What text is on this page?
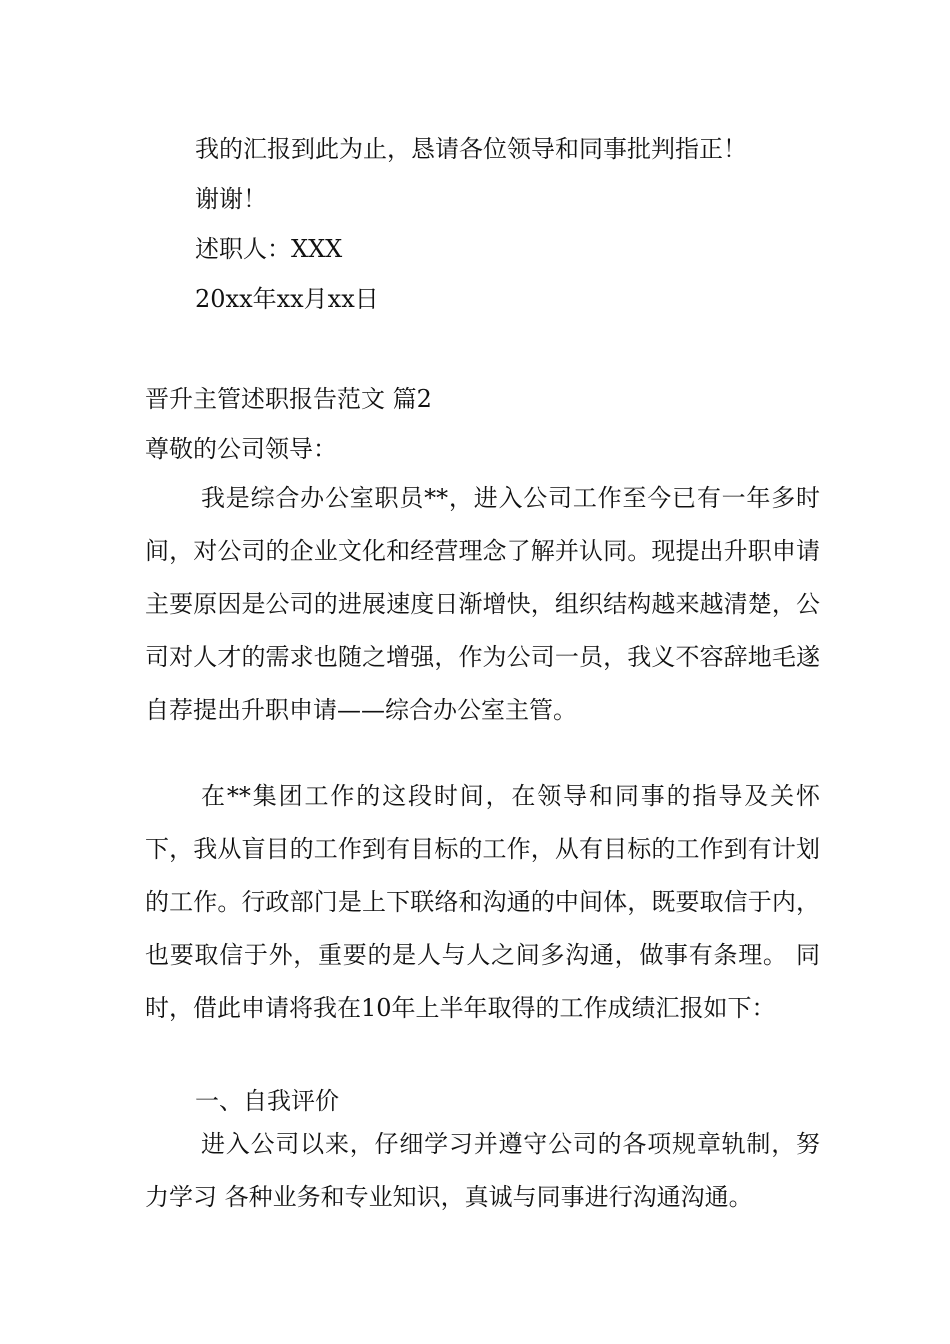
我的汇报到此为止，恳请各位领导和同事批判指正！
谢谢！
述职人：XXX
20xx年xx月xx日
晋升主管述职报告范文 篇2
尊敬的公司领导：
我是综合办公室职员**，进入公司工作至今已有一年多时间，对公司的企业文化和经营理念了解并认同。现提出升职申请主要原因是公司的进展速度日渐增快，组织结构越来越清楚，公司对人才的需求也随之增强，作为公司一员，我义不容辞地毛遂自荐提出升职申请——综合办公室主管。
在**集团工作的这段时间，在领导和同事的指导及关怀下，我从盲目的工作到有目标的工作，从有目标的工作到有计划的工作。行政部门是上下联络和沟通的中间体，既要取信于内，也要取信于外，重要的是人与人之间多沟通，做事有条理。 同时，借此申请将我在10年上半年取得的工作成绩汇报如下：
一、自我评价
进入公司以来，仔细学习并遵守公司的各项规章轨制，努力学习 各种业务和专业知识，真诚与同事进行沟通沟通。
